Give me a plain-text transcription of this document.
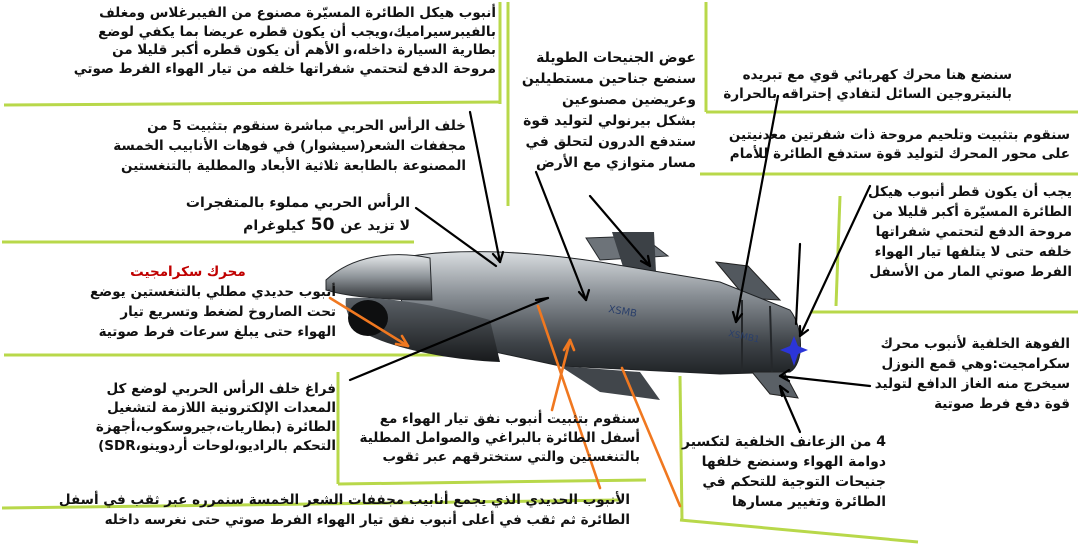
XSMB
XSMB1
أنبوب هيكل الطائرة المسيّرة مصنوع من الفيبرغلاس ومغلف
بالفيبرسيراميك،ويجب أن يكون قطره عريضا بما يكفي لوضع
بطارية السيارة داخله،و الأهم أن يكون قطره أكبر قليلا من
مروحة الدفع لتحتمي شفراتها خلفه من تيار الهواء الفرط صوتي
عوض الجنيحات الطويلة
سنضع جناحين مستطيلين
وعريضين مصنوعين
بشكل بيرنولي لتوليد قوة
ستدفع الدرون لتحلق في
مسار متوازي مع الأرض
سنضع هنا محرك كهربائي قوي مع تبريده
بالنيتروجين السائل لتفادي إحتراقه بالحرارة
سنقوم بتثبيت وتلحيم مروحة ذات شفرتين معدنيتين
على محور المحرك لتوليد قوة ستدفع الطائرة للأمام
يجب أن يكون قطر أنبوب هيكل
الطائرة المسيّرة أكبر قليلا من
مروحة الدفع لتحتمي شفراتها
خلفه حتى لا يتلفها تيار الهواء
الفرط صوتي المار من الأسفل
خلف الرأس الحربي مباشرة سنقوم بتثبيت 5 من
مجففات الشعر(سيشوار) في فوهات الأنابيب الخمسة
المصنوعة بالطابعة ثلاثية الأبعاد والمطلية بالتنغستين
الرأس الحربي مملوء بالمتفجرات
لا تزيد عن 50 كيلوغرام
محرك سكرامجيت
أنبوب حديدي مطلي بالتنغستين يوضع
تحت الصاروخ لضغط وتسريع تيار
الهواء حتى يبلغ سرعات فرط صوتية
الفوهة الخلفية لأنبوب محرك
سكرامجيت:وهي قمع النوزل
سيخرج منه الغاز الدافع لتوليد
قوة دفع فرط صوتية
فراغ خلف الرأس الحربي لوضع كل
المعدات الإلكترونية اللازمة لتشغيل
الطائرة (بطاريات،جيروسكوب،أجهزة
التحكم بالراديو،لوحات أردوينو،SDR)
سنقوم بتثبيت أنبوب نفق تيار الهواء مع
أسفل الطائرة بالبراغي والصوامل المطلية
بالتنغستين والتي ستخترقهم عبر ثقوب
4 من الزعانف الخلفية لتكسير
دوامة الهواء وسنضع خلفها
جنيحات التوجية للتحكم في
الطائرة وتغيير مسارها
الأنبوب الحديدي الذي يجمع أنابيب مجففات الشعر الخمسة سنمرره عبر ثقب في أسفل
الطائرة ثم ثقب في أعلى أنبوب نفق تيار الهواء الفرط صوتي حتى نغرسه داخله
